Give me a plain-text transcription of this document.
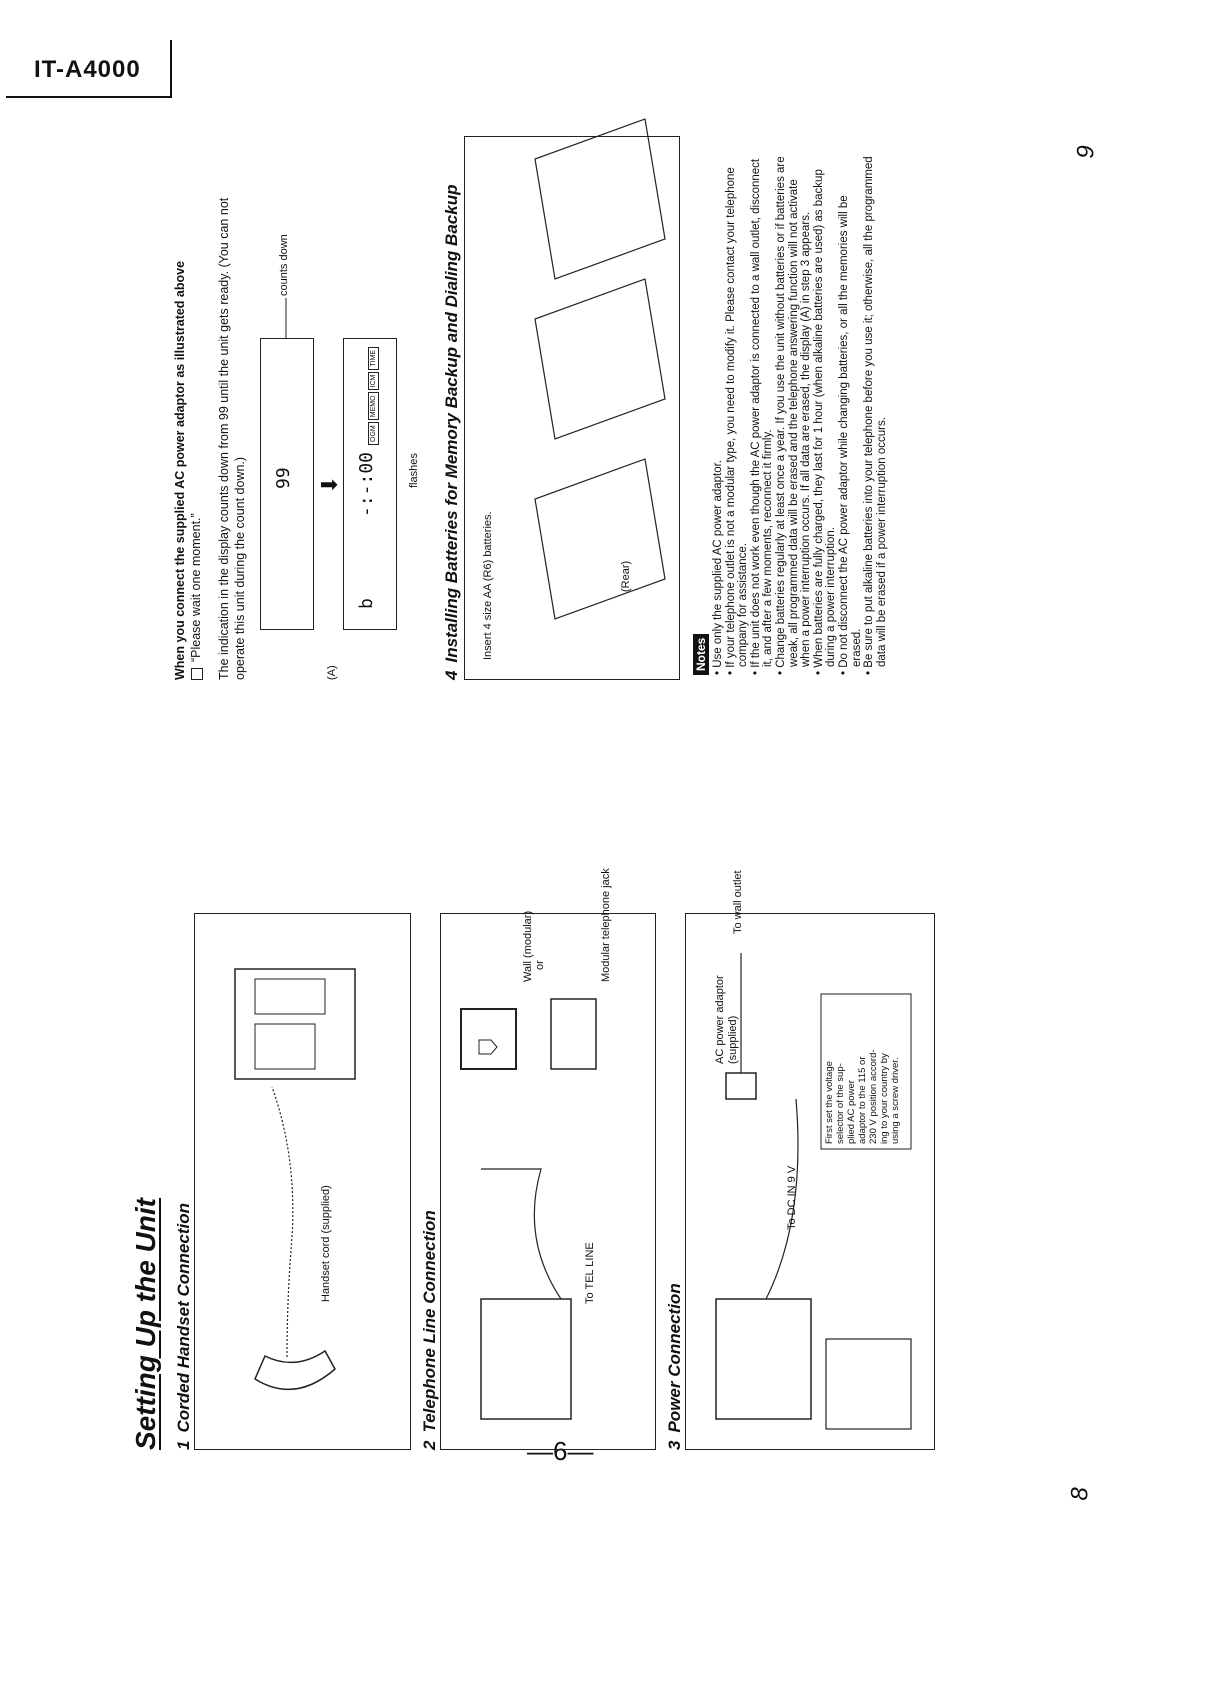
IT-A4000
Setting Up the Unit 1Corded Handset Connection	Handset cord (supplied)
2Telephone Line Connection
Wall (modular) or	Modular telephone jack
To TEL LINE
3Power Connection
AC power adaptor (supplied)
To wall outlet
To DC IN 9 V
First set the voltage selector of the sup- plied AC power adaptor to the 115 or 230 V position accord- ing to your country by using a screw driver.
When you connect the supplied AC power adaptor as illustrated above “Please wait one moment.” The indication in the display counts down from 99 until the unit gets ready. (You can not operate this unit during the count down.)	(A)
99
counts down
⬇
b
-:-:00
OGMMEMOICMTIME
flashes
4Installing Batteries for Memory Backup and Dialing Backup Insert 4 size AA (R6) batteries.	(Rear)
Notes
• Use only the supplied AC power adaptor.
• If your telephone outlet is not a modular type, you need to modify it. Please contact your telephone company for assistance.
• If the unit does not work even though the AC power adaptor is connected to a wall outlet, disconnect it, and after a few moments, reconnect it firmly.
• Change batteries regularly at least once a year. If you use the unit without batteries or if batteries are weak, all programmed data will be erased and the telephone answering function will not activate when a power interruption occurs. If all data are erased, the display (A) in step 3 appears.
• When batteries are fully charged, they last for 1 hour (when alkaline batteries are used) as backup during a power interruption.
• Do not disconnect the AC power adaptor while changing batteries, or all the memories will be erased.
• Be sure to put alkaline batteries into your telephone before you use it; otherwise, all the programmed data will be erased if a power interruption occurs.
—6—
8
9
